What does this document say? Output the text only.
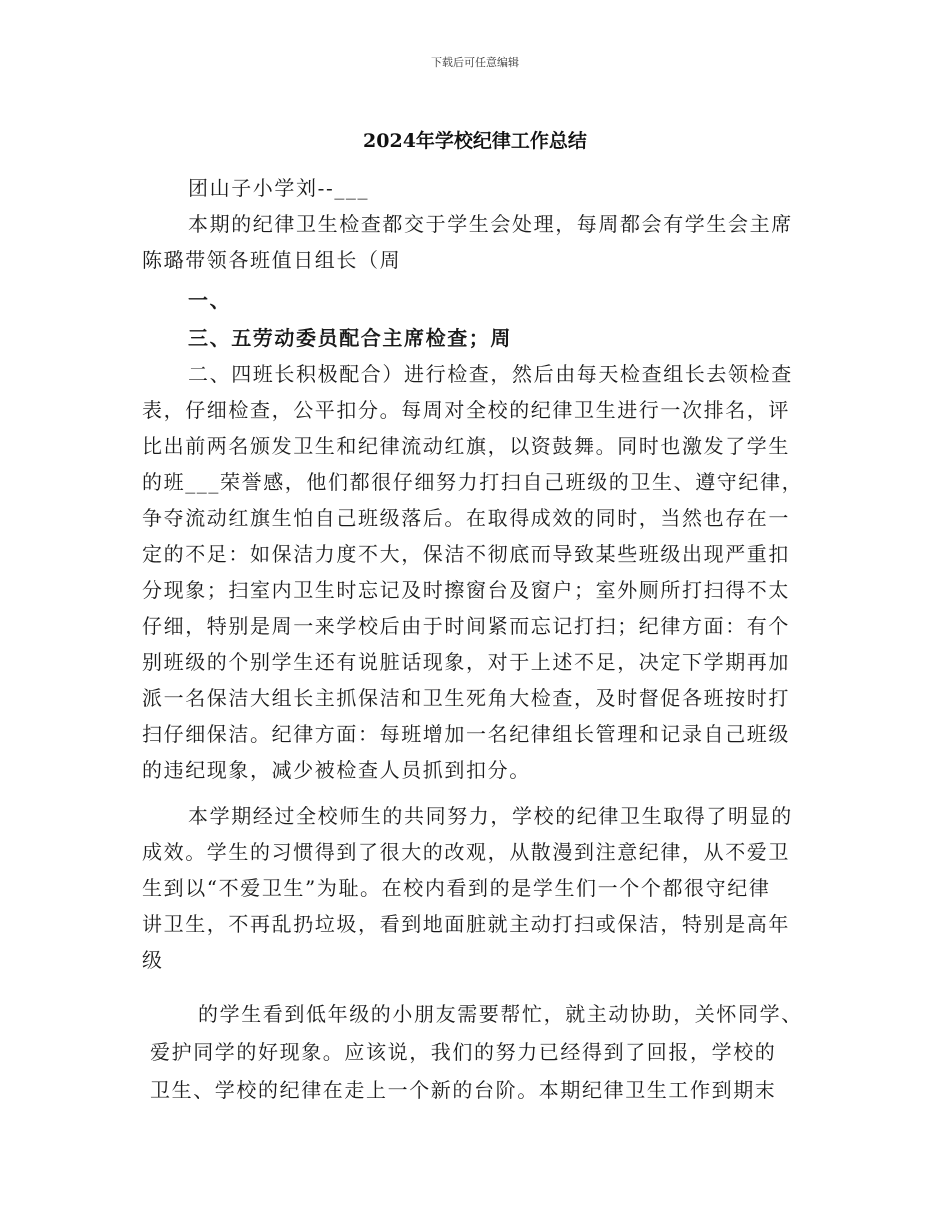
下载后可任意编辑
2024年学校纪律工作总结
团山子小学刘--___
本期的纪律卫生检查都交于学生会处理，每周都会有学生会主席
陈璐带领各班值日组长（周
一、
三、五劳动委员配合主席检查；周
二、四班长积极配合）进行检查，然后由每天检查组长去领检查
表，仔细检查，公平扣分。每周对全校的纪律卫生进行一次排名，评
比出前两名颁发卫生和纪律流动红旗，以资鼓舞。同时也激发了学生
的班___荣誉感，他们都很仔细努力打扫自己班级的卫生、遵守纪律，
争夺流动红旗生怕自己班级落后。在取得成效的同时，当然也存在一
定的不足：如保洁力度不大，保洁不彻底而导致某些班级出现严重扣
分现象；扫室内卫生时忘记及时擦窗台及窗户；室外厕所打扫得不太
仔细，特别是周一来学校后由于时间紧而忘记打扫；纪律方面：有个
别班级的个别学生还有说脏话现象，对于上述不足，决定下学期再加
派一名保洁大组长主抓保洁和卫生死角大检查，及时督促各班按时打
扫仔细保洁。纪律方面：每班增加一名纪律组长管理和记录自己班级
的违纪现象，减少被检查人员抓到扣分。
本学期经过全校师生的共同努力，学校的纪律卫生取得了明显的
成效。学生的习惯得到了很大的改观，从散漫到注意纪律，从不爱卫
生到以“不爱卫生”为耻。在校内看到的是学生们一个个都很守纪律
讲卫生，不再乱扔垃圾，看到地面脏就主动打扫或保洁，特别是高年
级
的学生看到低年级的小朋友需要帮忙，就主动协助，关怀同学、
爱护同学的好现象。应该说，我们的努力已经得到了回报，学校的
卫生、学校的纪律在走上一个新的台阶。本期纪律卫生工作到期末
